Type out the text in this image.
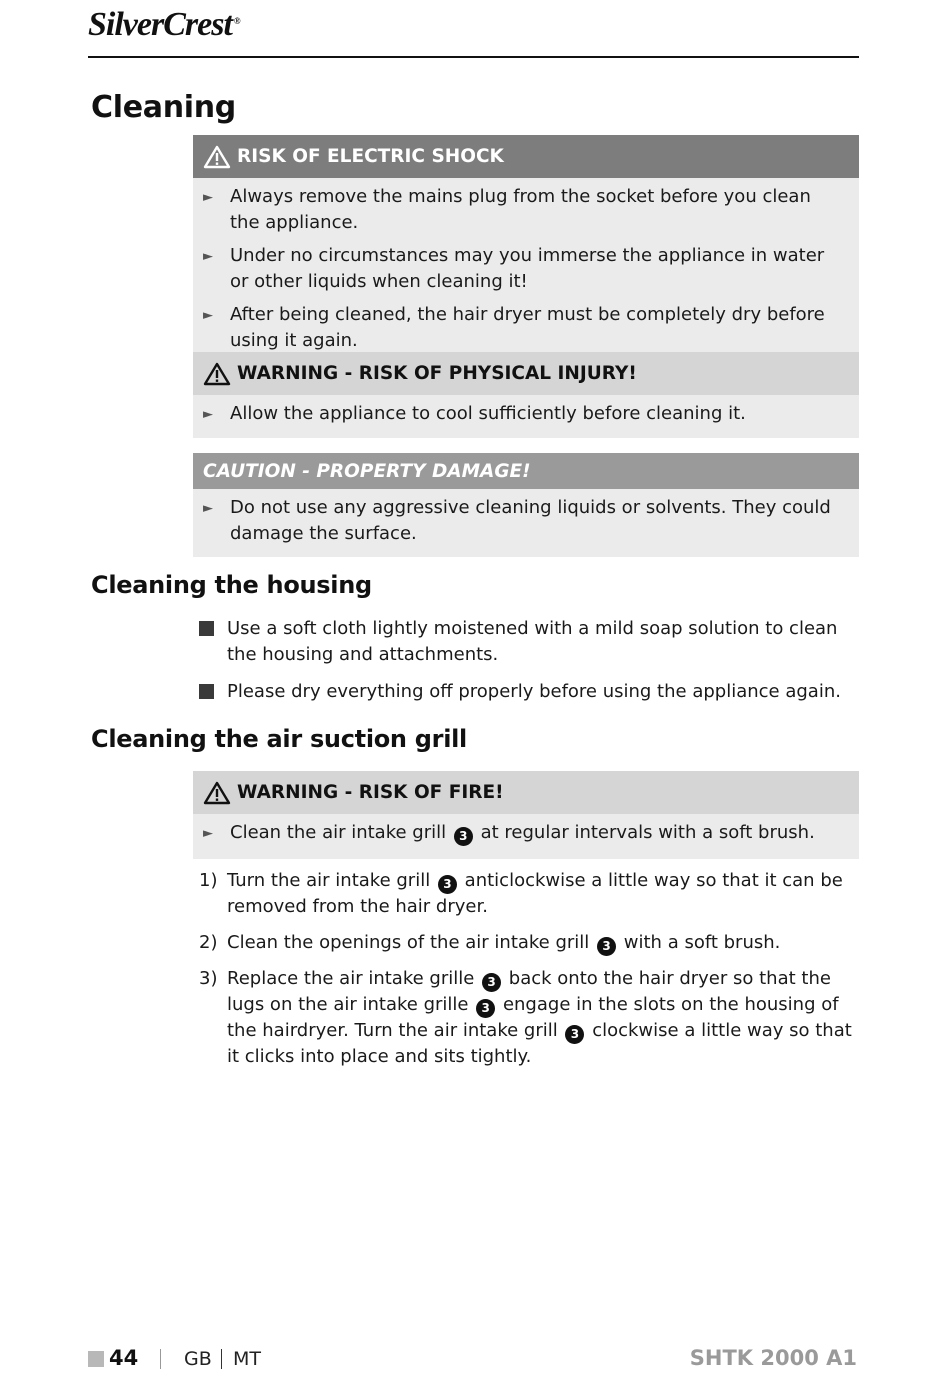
SilverCrest ®
Cleaning
RISK OF ELECTRIC SHOCK
► Always remove the mains plug from the socket before you clean the appliance.
► Under no circumstances may you immerse the appliance in water or other liquids when cleaning it!
► After being cleaned, the hair dryer must be completely dry before using it again.
WARNING - RISK OF PHYSICAL INJURY!
► Allow the appliance to cool sufficiently before cleaning it.
CAUTION - PROPERTY DAMAGE!
► Do not use any aggressive cleaning liquids or solvents. They could damage the surface.
Cleaning the housing
Use a soft cloth lightly moistened with a mild soap solution to clean the housing and attachments.
Please dry everything off properly before using the appliance again.
Cleaning the air suction grill
WARNING - RISK OF FIRE!
► Clean the air intake grill 3 at regular intervals with a soft brush.
1) Turn the air intake grill 3 anticlockwise a little way so that it can be removed from the hair dryer.
2) Clean the openings of the air intake grill 3 with a soft brush.
3) Replace the air intake grille 3 back onto the hair dryer so that the lugs on the air intake grille 3 engage in the slots on the housing of the hairdryer. Turn the air intake grill 3 clockwise a little way so that it clicks into place and sits tightly.
44 GB MT	SHTK 2000 A1
